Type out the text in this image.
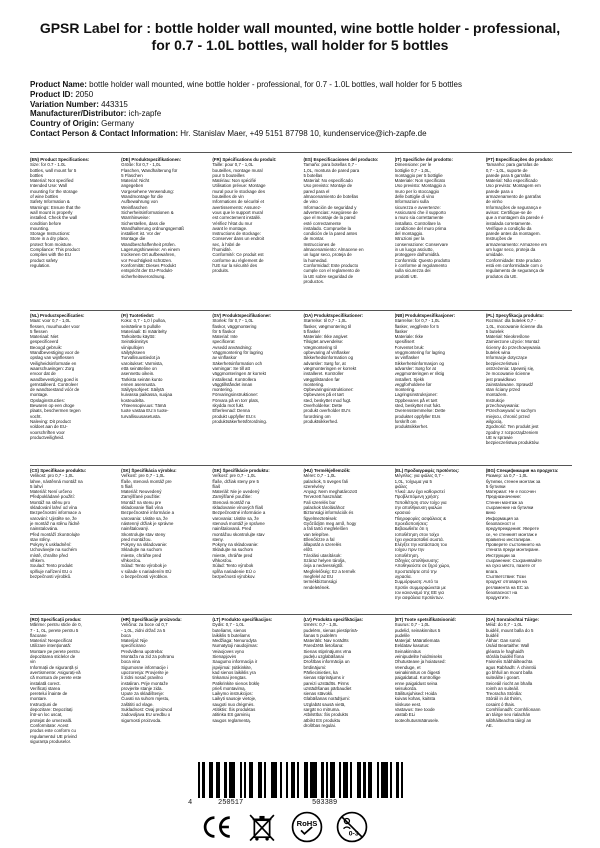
GPSR Label for : bottle holder wall mounted, wine bottle holder - professional, for 0.7 - 1.0L bottles, wall holder for 5 bottles
Product Name: bottle holder wall mounted, wine bottle holder - professional, for 0.7 - 1.0L bottles, wall holder for 5 bottles
Product ID: 2050
Variation Number: 443315
Manufacturer/Distributor: ich-zapfe
Country of Origin: Germany
Contact Person & Contact Information: Hr. Stanislav Maer, +49 5151 87798 10, kundenservice@ich-zapfe.de
(EN) Product Specifications:
Size: for 0.7 - 1.0L
bottles, wall mount for 5
bottles
Material: Not specified
Intended Use: Wall
mounting for the storage
of wine bottles
Safety Information &
Warnings: Ensure that the
wall mount is properly
installed. Check the wall
condition before
mounting.
Storage Instructions:
Store in a dry place,
protect from moisture.
Compliance: This product
complies with the EU
product safety
regulation.
(DE) Produktspezifikationen:
Größe: für 0,7 - 1,0L
Flaschen, Wandhalterung für
5 Flaschen
Material: Nicht
angegeben
Vorgesehene Verwendung:
Wandmontage für die
Aufbewahrung von
Weinflaschen
Sicherheitsinformationen &
Warnhinweise:
Sicherstellen, dass die
Wandhalterung ordnungsgemäß
installiert ist. Vor der
Montage die
Wandbeschaffenheit prüfen.
Lagerungshinweise: An einem
trockenen Ort aufbewahren,
vor Feuchtigkeit schützen.
Konformität: Dieses Produkt
entspricht der EU-Produkt-
sicherheitsverordnung.
(FR) Spécifications du produit:
Taille: pour 0,7 - 1,0L
bouteilles, montage mural
pour 5 bouteilles
Matériau: Non spécifié
Utilisation prévue: Montage
mural pour le stockage des
bouteilles de vin
Informations de sécurité et
avertissements: Assurez-
vous que le support mural
est correctement installé.
Vérifiez l'état du mur
avant le montage.
Instructions de stockage:
Conserver dans un endroit
sec, à l'abri de
l'humidité.
Conformité: Ce produit est
conforme au règlement de
l'UE sur la sécurité des
produits.
(ES) Especificaciones del producto:
Tamaño: para botellas 0,7 -
1,0L, montura de pared para
5 botellas
Material: No especificado
Uso previsto: Montaje de
pared para el
almacenamiento de botellas
de vino
Información de seguridad y
advertencias: Asegúrese de
que el montaje de la pared
esté correctamente
instalado. Compruebe la
condición de la pared antes
de montar.
Instrucciones de
almacenamiento: Almacene en
un lugar seco, proteja de
la humedad.
Conformidad: Este producto
cumple con el reglamento de
la UE sobre seguridad de
productos.
(IT) Specifiche del prodotto:
Dimensione: per le
bottiglie 0,7 - 1,0L,
montaggio per 5 bottiglie
Materiale: Non specificato
Uso previsto: Montaggio a
muro per lo stoccaggio
delle bottiglie di vino
Informazioni sulla
sicurezza e avvertenze:
Assicurarsi che il supporto
a muro sia correttamente
installato. Controllare la
condizione del muro prima
del montaggio.
Istruzioni per la
conservazione: Conservare
in un luogo asciutto,
proteggere dall'umidità.
Conformità: Questo prodotto
è conforme al regolamento
sulla sicurezza dei
prodotti UE.
(PT) Especificações do produto:
Tamanho: para garrafas de
0,7 - 1,0L, suporte de
parede para 5 garrafas
Material: Não especificado
Uso previsto: Montagem em
parede para o
armazenamento de garrafas
de vinho
Informações de segurança e
avisos: Certifique-se de
que a montagem da parede é
instalada corretamente.
Verifique a condição da
parede antes da montagem.
Instruções de
armazenamento: Armazene em
um lugar seco, proteja da
umidade.
Conformidade: Este produto
está em conformidade com o
regulamento de segurança de
produtos da UE.
(NL) Productspecificaties:
Maat: voor 0,7 - 1,0L
flessen, muurhouder voor
5 flessen
Materiaal: Niet
gespecificeerd
Beoogd gebruik:
Wandbevestiging voor de
opslag van wijnflessen
Veiligheidsinformatie en
waarschuwingen: Zorg
ervoor dat de
wandbevestiging goed is
geïnstalleerd. Controleer
de wandtoestand vóór de
montage.
Opslaginstructies:
Bewaren op een droge
plaats, beschermen tegen
vocht.
Naleving: Dit product
voldoet aan de EU-
voorschriften voor
productveiligheid.
(FI) Tuotetiedot:
Koko: 0,7 - 1,0 l pulloa,
seinäteline 5 pullolle
Materiaali: Ei määritelty
Tarkoitettu käyttö:
Seinäkiinnitys
viinipullojen
säilytykseen
Turvallisuustiedot ja
varoitukset: Varmista,
että seinäteline on
asennettu oikein.
Tarkista seinän kunto
ennen asennusta.
Säilytysohjeet: Säilytä
kuivassa paikassa, suojaa
kosteudelta.
Yhteensopivuus: Tämä
tuote vastaa EU:n tuote-
turvallisuusasetusta.
(SV) Produktspecifikationer:
Storlek: för 0,7 - 1,0L
flaskor, väggmontering
för 5 flaskor
Material: Inte
specificerat
Avsedd användning:
Väggmontering för lagring
av vinflaskor
Säkerhetsinformation och
varningar: Se till att
väggmonteringen är korrekt
installerad. Kontrollera
väggtillståndet innan
montering.
Förvaringsinstruktioner:
Förvara på en torr plats,
skydda mot fukt.
Efterlevnad: Denna
produkt uppfyller EU:s
produktsäkerhetsförordning.
(DA) Produktspecifikationer:
Størrelse: til 0,7 - 1,0L
flasker, vægmontering til
5 flasker
Materiale: Ikke angivet
Tilsigtet anvendelse:
Vægmontering til
opbevaring af vinflasker
Sikkerhedsinformation og
advarsler: Sørg for, at
vægmonteringen er korrekt
installeret. Kontroller
væggtilstanden før
montering.
Opbevaringsinstruktioner:
Opbevares på et tørt
sted, beskyttet mod fugt.
Overholdelse: Dette
produkt overholder EU's
forordning om
produktsikkerhed.
(NB) Produktspesifikasjoner:
Størrelse: for 0,7 - 1,0L
flasker, veggfeste for 5
flasker
Materiale: Ikke
spesifisert
Forventet bruk:
Veggmontering for lagring
av vinflasker
Sikkerhetsinformasjon og
advarsler: Sørg for at
veggmonteringen er riktig
installert. Sjekk
veggforholdene før
montering.
Lagringsinstruksjoner:
Oppbevares på et tørt
sted, beskyttet mot fukt.
Overensstemmelse: Dette
produktet oppfyller EUs
forskrift om
produktsikkerhet.
(PL) Specyfikacja produktu:
Rozmiar: dla butelek 0,7 -
1,0L, mocowanie ścienne dla
5 butelek
Materiał: Nieokreślone
Zamierzone użycie: Montaż
ścienny do przechowywania
butelek wina
Informacje dotyczące
bezpieczeństwa i
ostrzeżenia: Upewnij się,
że mocowanie ścienne
jest prawidłowo
zainstalowane. Sprawdź
stan ściany przed
montażem.
Instrukcje
przechowywania:
Przechowywać w suchym
miejscu, chronić przed
wilgocią.
Zgodność: Ten produkt jest
zgodny z rozporządzeniem
UE w sprawie
bezpieczeństwa produktów.
(CS) Specifikace produktu:
Velikost: pro 0,7 - 1,0L
lahve, nástěnná montáž na
5 lahví
Materiál: Není určeno
Předpokládané použití:
Montáž na stěnu pro
skladování lahví od vína
Bezpečnostní informace a
varování: Ujistěte se, že
je montáž na stěnu řádně
nainstalována.
Před montáží zkontrolujte
stav stěny.
Pokyny k uskladnění:
Uchovávejte na suchém
místě, chraňte před
vlhkem.
Soulad: Tento produkt
splňuje nařízení EU o
bezpečnosti výrobků.
(SK) Špecifikácia výrobku:
Veľkosť: pre 0,7 - 1,0L
fľaše, stenová montáž pre
5 fliaš
Materiál: Neuvedený
Zamýšľané použitie:
Montáž na stenu pre
skladovanie fliaš vína
Bezpečnostné informácie a
varovania: Uistite sa, že
nástenný držiak je správne
nainštalovaný.
Skontrolujte stav steny
pred montážou.
Pokyny na skladovanie:
Skladujte na suchom
mieste, chráňte pred
vlhkosťou.
Súlad: Tento výrobok je
v súlade s nariadením EÚ
o bezpečnosti výrobkov.
(SK) Špecifikácie produktu:
Veľkosť: pre 0,7 - 1,0L
fľaše, držiak steny pre 5
fliaš
Materiál: Nie je uvedený
Zamýšľané použitie:
Stenová montáž na
skladovanie vínových fliaš
Bezpečnostné informácie a
varovania: Uistite sa, že
stenová montáž je správne
nainštalovaná. Pred
montážou skontrolujte stav
steny.
Pokyny na skladovanie:
Skladujte na suchom
mieste, chráňte pred
vlhkosťou.
Súlad: Tento výrobok
spĺňa nariadenie EÚ o
bezpečnosti výrobkov.
(HU) Termékjellemzők:
Méret: 0,7 - 1,0L
palackok, 5 üveges fali
szerelvény
Anyag: Nem meghatározott
Tervezett használat:
Fali szerelés bor
palackok tárolásához
Biztonsági információk és
figyelmeztetések:
Győződjön meg arról, hogy
a fali tartó megfelelően
van telepítve.
Ellenőrizze a fal
állapotát a szerelés
előtt.
Tárolási utasítások:
Száraz helyen tárolja,
óvja a nedvességtől.
Megfelelőség: Ez a termék
megfelel az EU
termékbiztonsági
rendeletének.
(EL) Προδιαγραφές προϊόντος:
Μέγεθος: για φιάλες 0,7 -
1,0L, τοίχωμα για 5
φιάλες
Υλικό: Δεν έχει καθοριστεί
Προβλεπόμενη χρήση:
Τοποθέτηση στον τοίχο για
την αποθήκευση φιαλών
κρασιού
Πληροφορίες ασφάλειας &
προειδοποιήσεις:
Βεβαιωθείτε ότι η
τοποθέτηση στον τοίχο
έχει εγκατασταθεί σωστά.
Ελέγξτε την κατάσταση του
τοίχου πριν την
τοποθέτηση.
Οδηγίες αποθήκευσης:
Αποθηκεύστε σε ξηρό χώρο,
προστατέψτε από την
υγρασία.
Συμμόρφωση: Αυτό το
προϊόν συμμορφώνεται με
τον κανονισμό της ΕΕ για
την ασφάλεια προϊόντων.
(BG) Спецификация на продукта:
Размер: за 0,7 - 1,0L
бутилки, стенен монтаж за
5 бутилки
Материал: Не е посочен
Предназначение:
Стенен монтаж за
съхранение на бутилки
вино
Информация за
безопасност и
предупреждения: Уверете
се, че стенният монтаж е
правилно инсталиран.
Проверете състоянието на
стената преди монтиране.
Инструкции за
съхранение: Съхранявайте
на сухо място, пазете от
влага.
Съответствие: Този
продукт отговаря на
регламента на ЕС за
безопасност на
продуктите.
(RO) Specificații produs:
Mărime: pentru sticle de 0,
7 - 1, 0L, perete pentru 5
flacoane
Material: Nespecificat
Utilizare intenționată:
Montare pe perete pentru
depozitarea sticlelor de
vin
Informații de siguranță și
avertismente: Asigurați-vă
că montura de perete este
instalată corect.
Verificați starea
peretelui înainte de
montare.
Instrucțiuni de
depozitare: Depozitați
într-un loc uscat,
protejat de umezeală.
Conformitate: Acest
produs este conform cu
regulamentul UE privind
siguranța produselor.
(HR) Specifikacije proizvoda:
Veličina: za boce od 0,7
- 1,0L, zidni držač za 5
boca
Materijal: Nije
specificirano
Predviđena upotreba:
Montaža na zid za pohranu
boca vina
Sigurnosne informacije i
upozorenja: Provjerite je
li zidni nosač pravilno
instaliran. Prije montaže
provjerite stanje zida.
Upute za skladištenje:
Čuvati na suhom mjestu,
zaštititi od vlage.
Sukladnost: Ovaj proizvod
zadovoljava EU uredbu o
sigurnosti proizvoda.
(LT) Produkto specifikacijos:
Dydis: 0,7 - 1,0L
buteliams, sienos
laikiklis 5 buteliams
Medžiaga: Nenurodyta
Numatytoji naudojimas:
Veiaojoves vyno
Sienapjovės
Saugumo informacija ir
įspėjimai: Įsitikinkite,
kad sienos laikiklis yra
tinkamai įrengtas.
Patikrinkite sienos būklę
prieš montavimą.
Laikymo instrukcijos:
Laikyti sausoje vietoje,
saugoti nuo drėgmės.
Atitiktis: Šis produktas
atitinka ES gaminių
saugos reglamentą.
(LV) Produkta specifikācijas:
Izmērs: 0,7 - 1,0L
pudelēm, sienas piestiprinā-
šanas 5 pudelēm
Materiāls: Nav norādīts
Paredzētā lietošana:
Sienas stiprinājums vīna
pudeļu uzglabāšanai
Drošības informācija un
brīdinājumi:
Pārliecinieties, ka
sienas stiprinājums ir
pareizi uzstādīts. Pirms
uzstādīšanas pārbaudiet
sienas stāvokli.
Glabāšanas norādījumi:
Uzglabāt sausā vietā,
sargāt no mitruma.
Atbilstība: Šis produkts
atbilst ES produktu
drošības regulai.
(ET) Toote spetsifikatsioonid:
Suurus: 0,7 - 1,0L
pudelid, seinakinnitus 5
pudelile
Materjal: Määratlemata
Eeldatav kasutus:
Seinakinnitus
veinipudelite hoidmiseks
Ohutusteave ja hoiatused:
Veenduge, et
seinakinnitus on õigesti
paigaldatud. Kontrollige
enne paigaldust seina
seisukorda.
Säilitusjuhised: Hoida
kuivas kohas, kaitsta
niiskuse eest.
Vastavus: See toode
vastab ELi
tooteohutusmäärusele.
(GA) Sonraíochtaí Táirge:
Méid: do 0,7 - 1,0L
buidéil, mount balla do 5
buidéil
Ábhar: Gan sonrú
Úsáid Beartaithe: Wall
gléasta le haghaidh
stórála buidéil fíona
Faisnéis Sábháilteachta
agus Rabhadh: Á chinntiú
go bhfuil an mount balla
suiteáilte i gceart.
Seiceáil riocht an bhalla
roimh an suiteáil.
Treoracha Stórála:
Stóráil in áit thirim,
cosaint ó thais.
Comhlíonadh: Comhlíonann
an táirge seo rialachán
sábháilteachta táirgí an
AE.
4	250517	503389
RoHS
0-3
